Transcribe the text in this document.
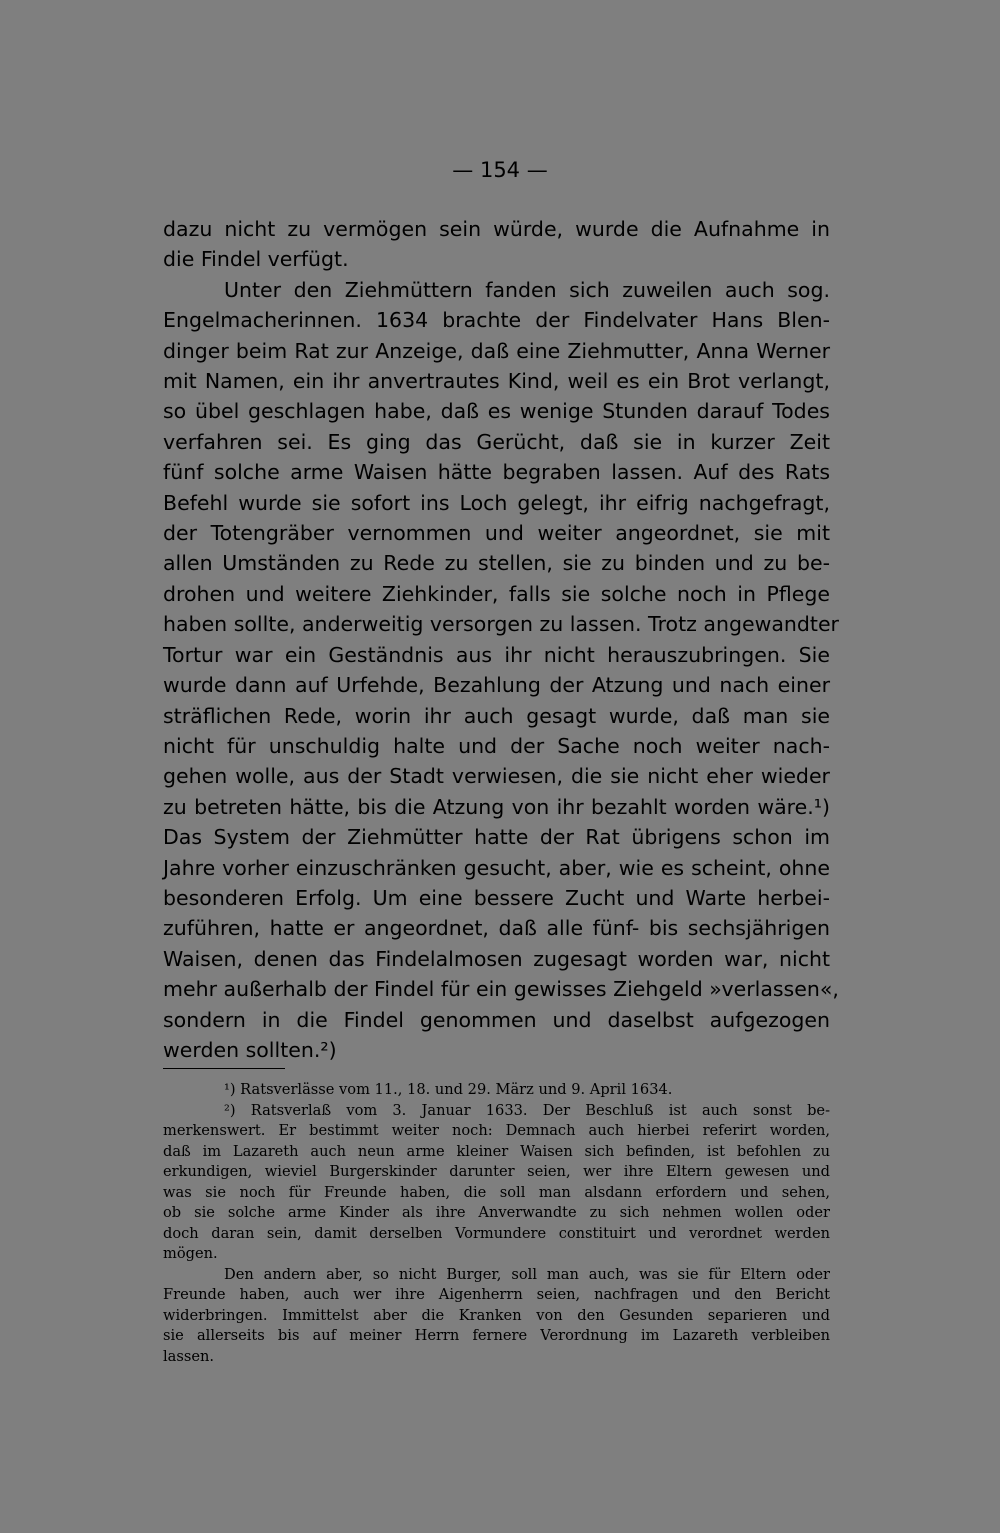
— 154 —
dazu nicht zu vermögen sein würde, wurde die Aufnahme in
die Findel verfügt.
Unter den Ziehmüttern fanden sich zuweilen auch sog.
Engelmacherinnen. 1634 brachte der Findelvater Hans Blen-
dinger beim Rat zur Anzeige, daß eine Ziehmutter, Anna Werner
mit Namen, ein ihr anvertrautes Kind, weil es ein Brot verlangt,
so übel geschlagen habe, daß es wenige Stunden darauf Todes
verfahren sei. Es ging das Gerücht, daß sie in kurzer Zeit
fünf solche arme Waisen hätte begraben lassen. Auf des Rats
Befehl wurde sie sofort ins Loch gelegt, ihr eifrig nachgefragt,
der Totengräber vernommen und weiter angeordnet, sie mit
allen Umständen zu Rede zu stellen, sie zu binden und zu be-
drohen und weitere Ziehkinder, falls sie solche noch in Pflege
haben sollte, anderweitig versorgen zu lassen. Trotz angewandter
Tortur war ein Geständnis aus ihr nicht herauszubringen. Sie
wurde dann auf Urfehde, Bezahlung der Atzung und nach einer
sträflichen Rede, worin ihr auch gesagt wurde, daß man sie
nicht für unschuldig halte und der Sache noch weiter nach-
gehen wolle, aus der Stadt verwiesen, die sie nicht eher wieder
zu betreten hätte, bis die Atzung von ihr bezahlt worden wäre.¹)
Das System der Ziehmütter hatte der Rat übrigens schon im
Jahre vorher einzuschränken gesucht, aber, wie es scheint, ohne
besonderen Erfolg. Um eine bessere Zucht und Warte herbei-
zuführen, hatte er angeordnet, daß alle fünf- bis sechsjährigen
Waisen, denen das Findelalmosen zugesagt worden war, nicht
mehr außerhalb der Findel für ein gewisses Ziehgeld »verlassen«,
sondern in die Findel genommen und daselbst aufgezogen
werden sollten.²)
¹) Ratsverlässe vom 11., 18. und 29. März und 9. April 1634.
²) Ratsverlaß vom 3. Januar 1633. Der Beschluß ist auch sonst be-
merkenswert. Er bestimmt weiter noch: Demnach auch hierbei referirt worden,
daß im Lazareth auch neun arme kleiner Waisen sich befinden, ist befohlen zu
erkundigen, wieviel Burgerskinder darunter seien, wer ihre Eltern gewesen und
was sie noch für Freunde haben, die soll man alsdann erfordern und sehen,
ob sie solche arme Kinder als ihre Anverwandte zu sich nehmen wollen oder
doch daran sein, damit derselben Vormundere constituirt und verordnet werden
mögen.
Den andern aber, so nicht Burger, soll man auch, was sie für Eltern oder
Freunde haben, auch wer ihre Aigenherrn seien, nachfragen und den Bericht
widerbringen. Immittelst aber die Kranken von den Gesunden separieren und
sie allerseits bis auf meiner Herrn fernere Verordnung im Lazareth verbleiben
lassen.
